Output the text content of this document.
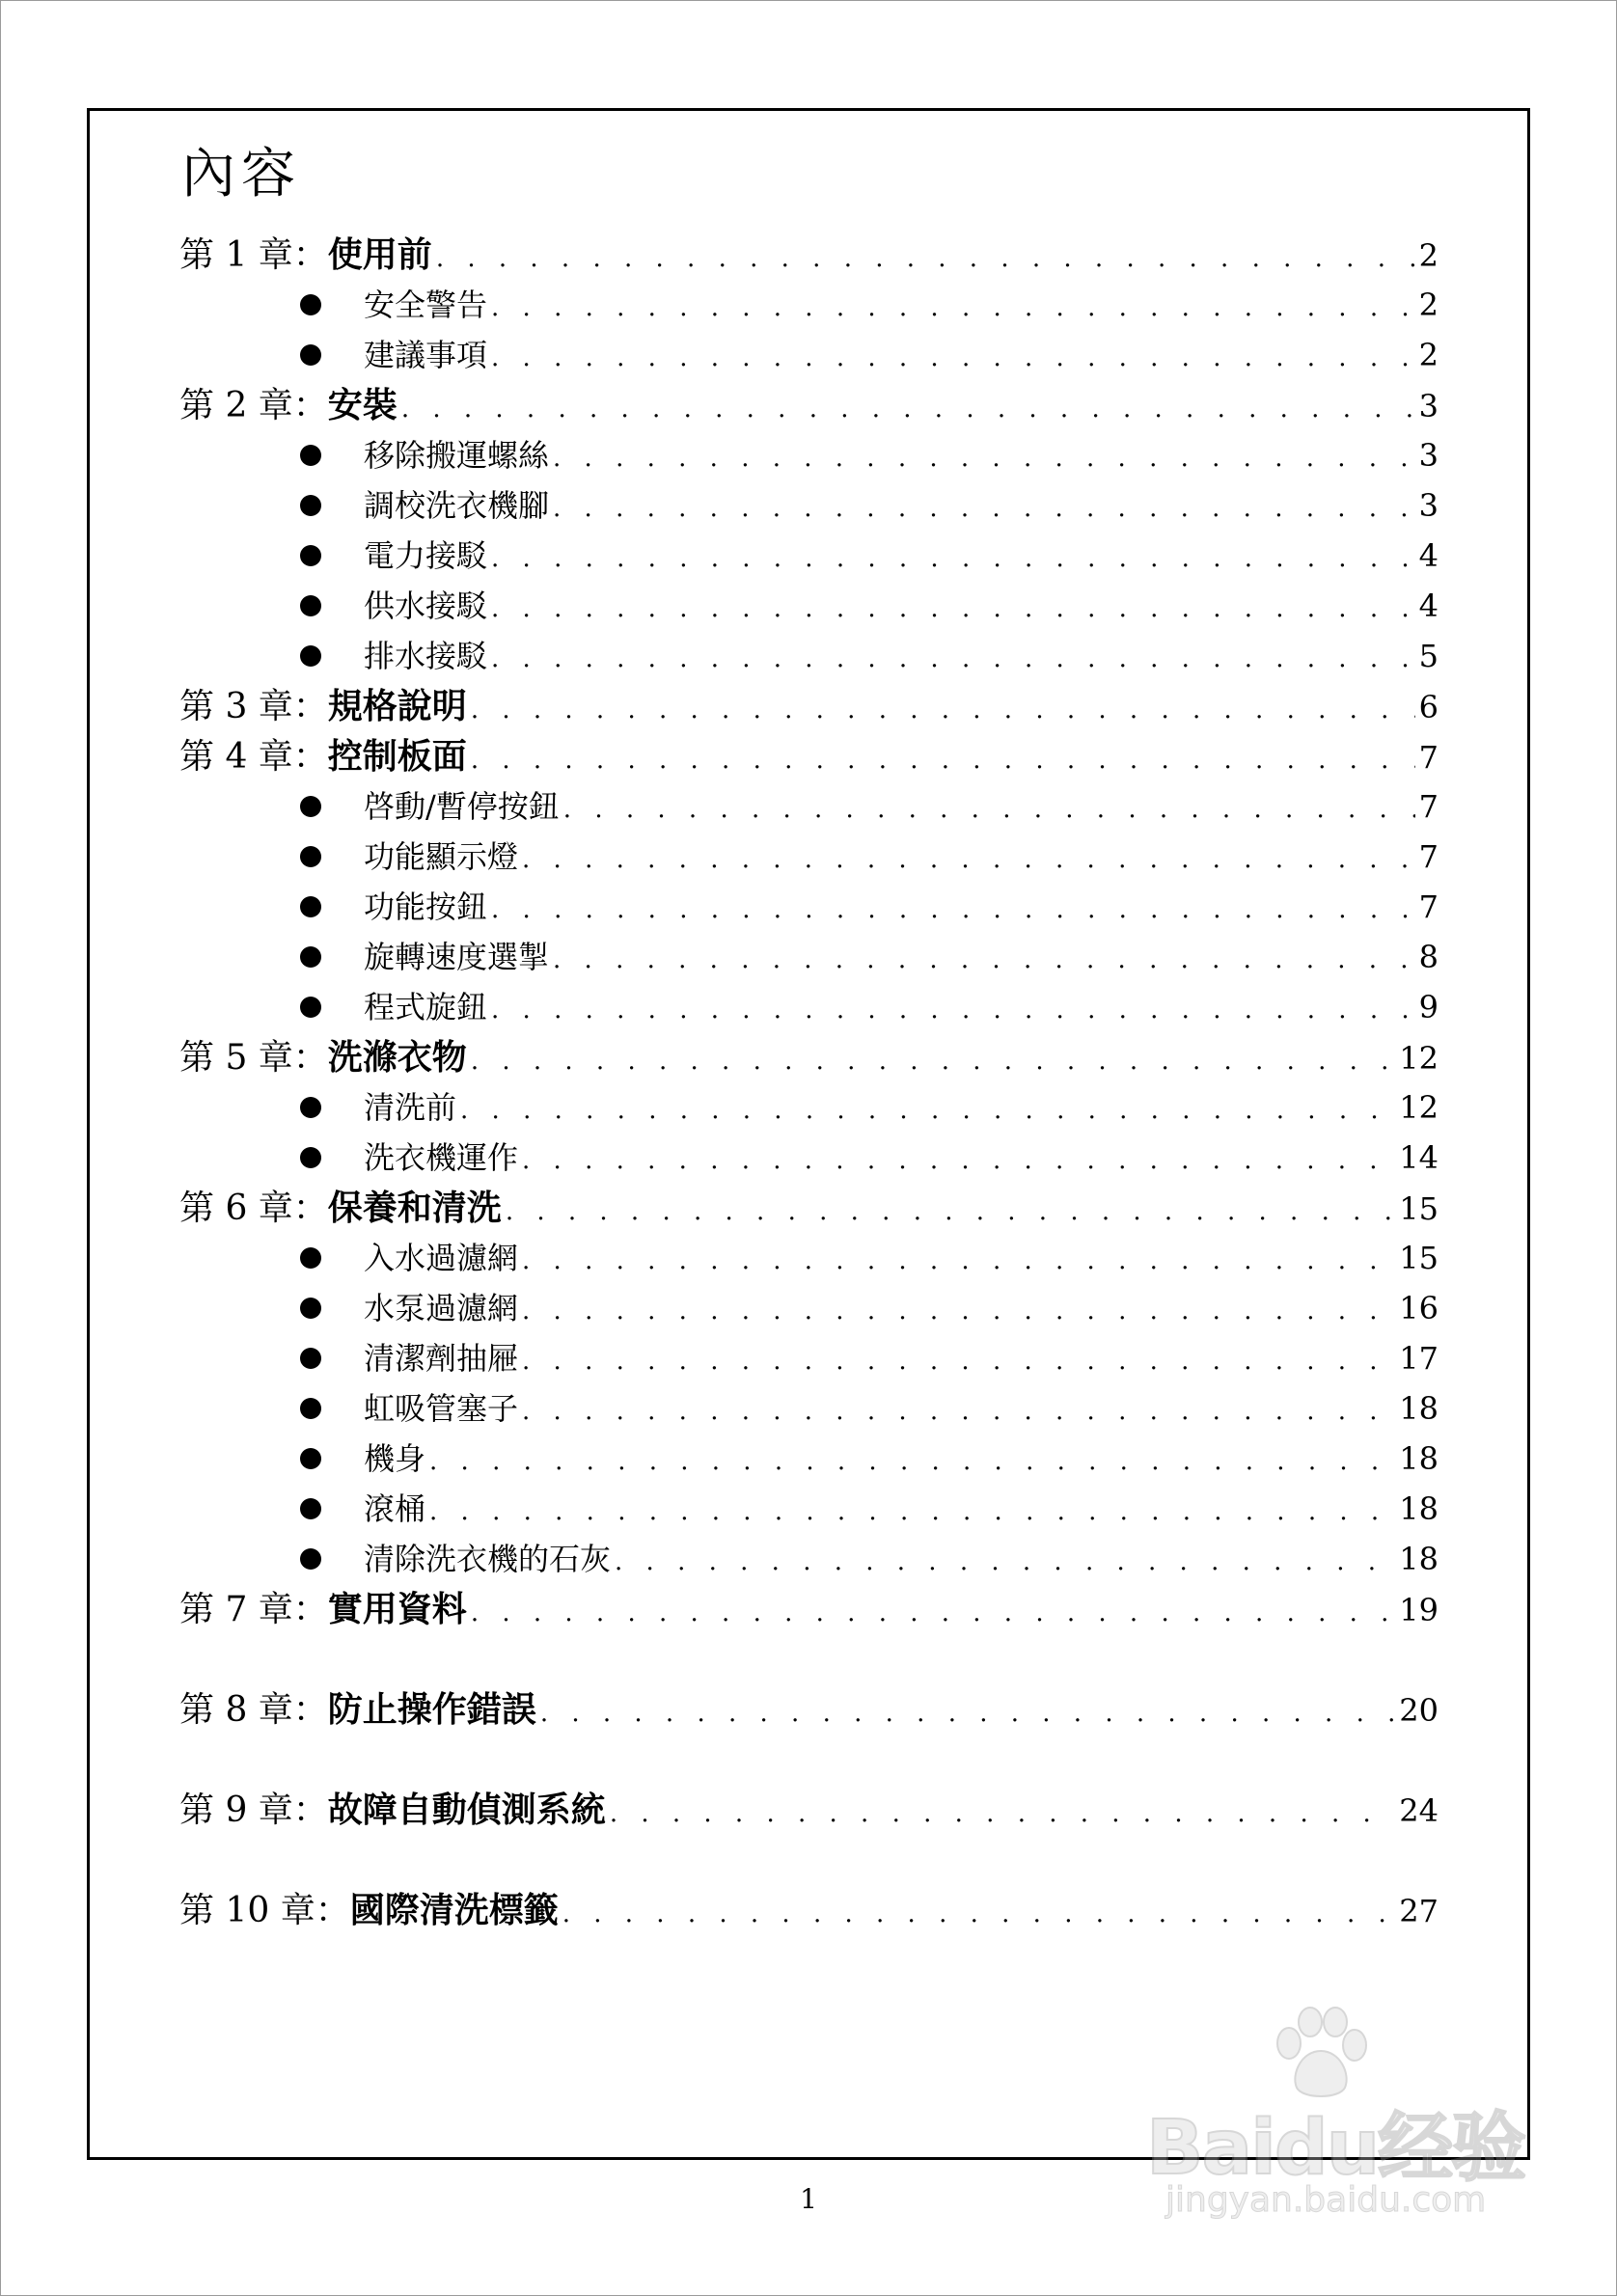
內容
第 1 章： 使用前 . . .	2
安全警告 . . .	2
建議事項 . . .	2
第 2 章： 安裝 . . .	3
移除搬運螺絲 . . .	3
調校洗衣機腳 . . .	3
電力接駁 . . .	4
供水接駁 . . .	4
排水接駁 . . .	5
第 3 章： 規格說明 . . .	6
第 4 章： 控制板面 . . .	7
啓動/暫停按鈕 . . .	7
功能顯示燈 . . .	7
功能按鈕 . . .	7
旋轉速度選掣 . . .	8
程式旋鈕 . . .	9
第 5 章： 洗滌衣物 . . .	12
清洗前 . . .	12
洗衣機運作 . . .	14
第 6 章： 保養和清洗 . . .	15
入水過濾網 . . .	15
水泵過濾網 . . .	16
清潔劑抽屜 . . .	17
虹吸管塞子 . . .	18
機身 . . .	18
滾桶 . . .	18
清除洗衣機的石灰 . . .	18
第 7 章： 實用資料 . . .	19
第 8 章： 防止操作錯誤 . . .	20
第 9 章： 故障自動偵測系統 . . .	24
第 10 章： 國際清洗標籤 . . .	27
1
Baidu经验
jingyan.baidu.com
